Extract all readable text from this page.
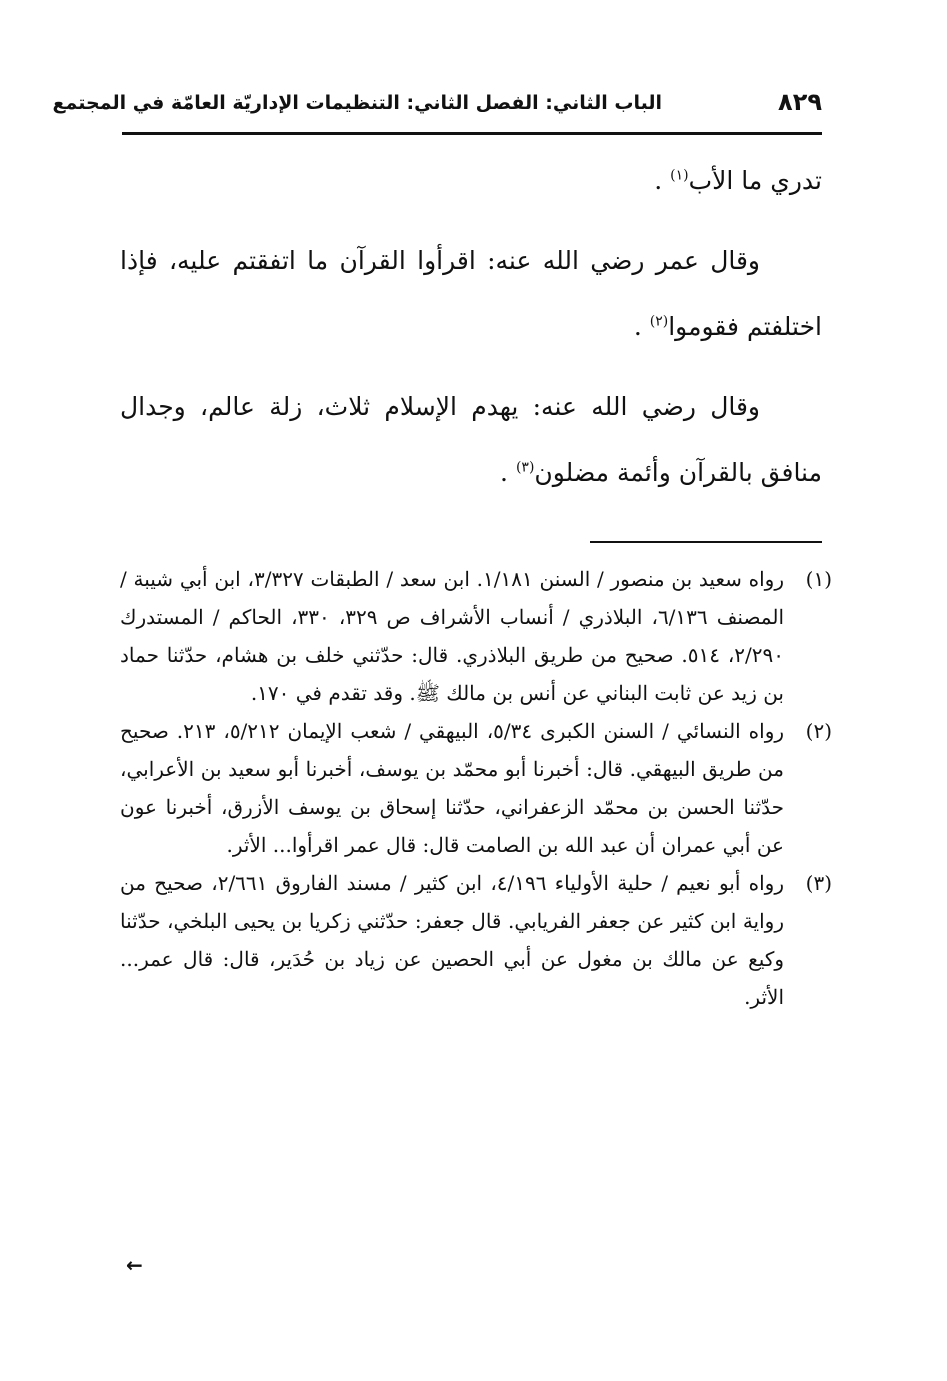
٨٢٩
الباب الثاني: الفصل الثاني: التنظيمات الإداريّة العامّة في المجتمع

تدري ما الأب$^{(١)}$ .

وقال عمر رضي الله عنه: اقرأوا القرآن ما اتفقتم عليه، فإذا اختلفتم فقوموا$^{(٢)}$ .

وقال رضي الله عنه: يهدم الإسلام ثلاث، زلة عالم، وجدال منافق بالقرآن وأئمة مضلون$^{(٣)}$ .

(١)
رواه سعيد بن منصور / السنن ١/١٨١. ابن سعد / الطبقات ٣/٣٢٧، ابن أبي شيبة / المصنف ٦/١٣٦، البلاذري / أنساب الأشراف ص ٣٢٩، ٣٣٠، الحاكم / المستدرك ٢/٢٩٠، ٥١٤. صحيح من طريق البلاذري. قال: حدّثني خلف بن هشام، حدّثنا حماد بن زيد عن ثابت البناني عن أنس بن مالك ﷺ. وقد تقدم في ١٧٠.

(٢)
رواه النسائي / السنن الكبرى ٥/٣٤، البيهقي / شعب الإيمان ٥/٢١٢، ٢١٣. صحيح من طريق البيهقي. قال: أخبرنا أبو محمّد بن يوسف، أخبرنا أبو سعيد بن الأعرابي، حدّثنا الحسن بن محمّد الزعفراني، حدّثنا إسحاق بن يوسف الأزرق، أخبرنا عون عن أبي عمران أن عبد الله بن الصامت قال: قال عمر اقرأوا... الأثر.

(٣)
رواه أبو نعيم / حلية الأولياء ٤/١٩٦، ابن كثير / مسند الفاروق ٢/٦٦١، صحيح من رواية ابن كثير عن جعفر الفريابي. قال جعفر: حدّثني زكريا بن يحيى البلخي، حدّثنا وكيع عن مالك بن مغول عن أبي الحصين عن زياد بن حُدَير، قال: قال عمر... الأثر.

←
